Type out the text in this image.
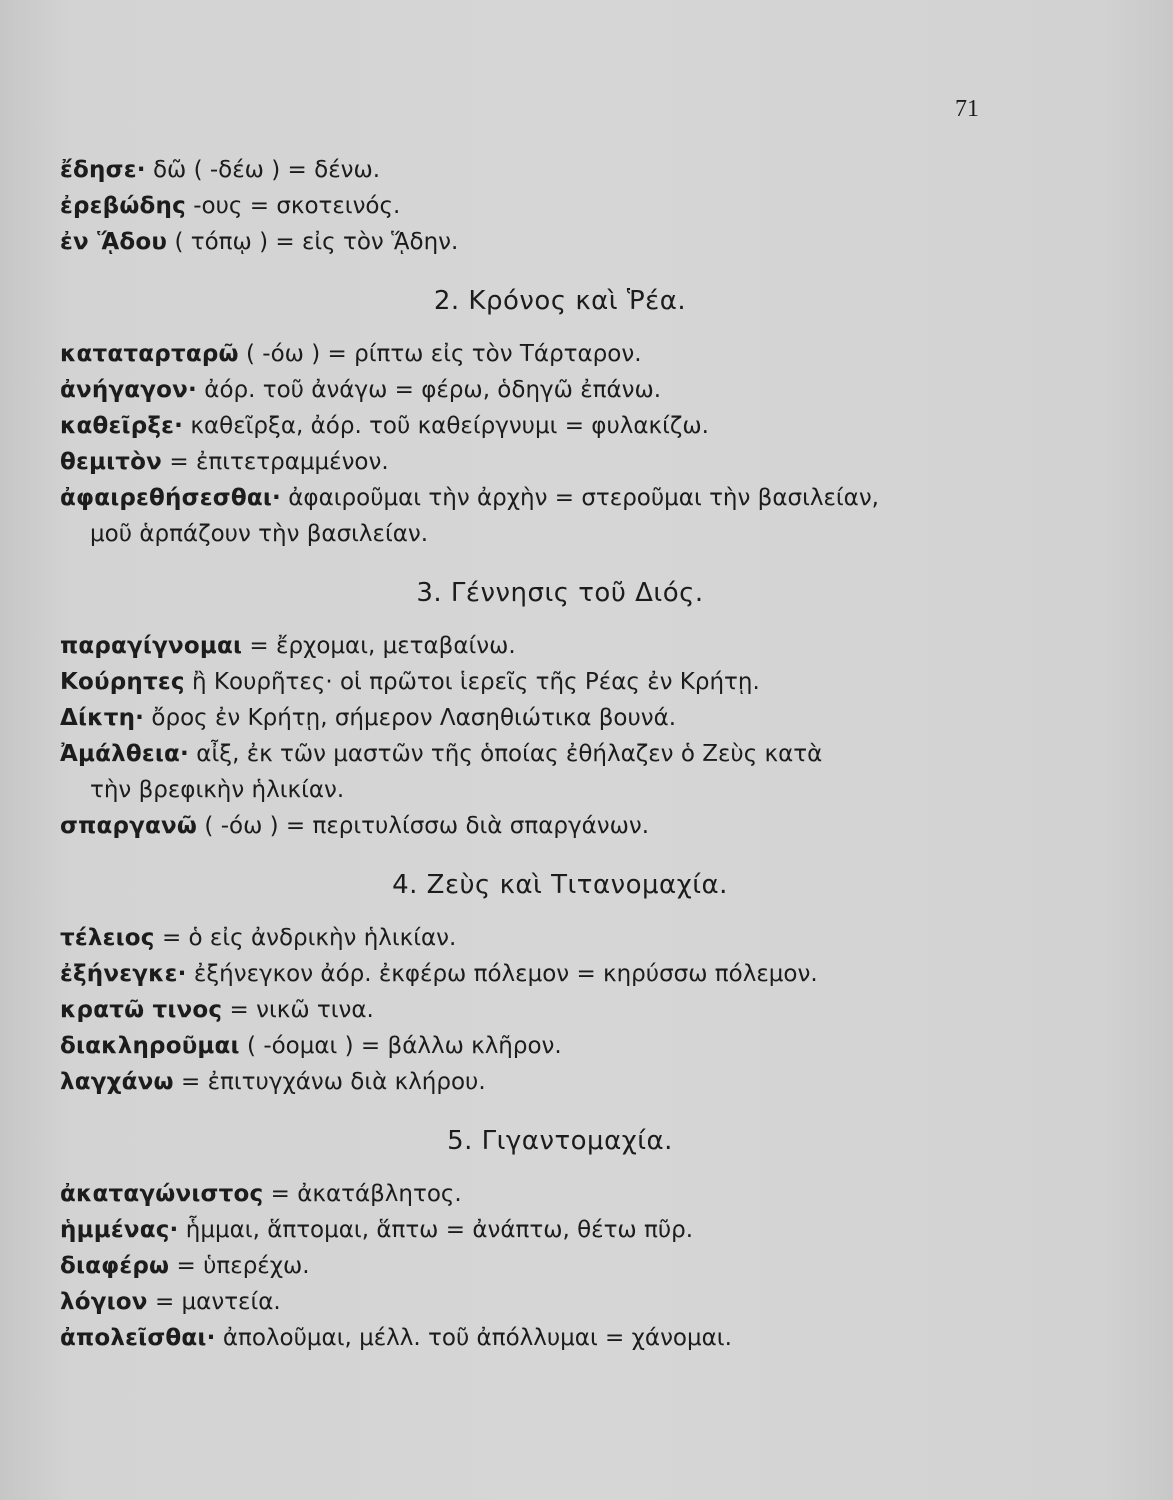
71
ἔδησε· δῶ ( -δέω ) = δένω.
ἐρεβώδης -ους = σκοτεινός.
ἐν ᾍδου ( τόπῳ ) = εἰς τὸν ᾍδην.
2. Κρόνος καὶ Ῥέα.
καταταρταρῶ ( -όω ) = ρίπτω εἰς τὸν Τάρταρον.
ἀνήγαγον· ἀόρ. τοῦ ἀνάγω = φέρω, ὁδηγῶ ἐπάνω.
καθεῖρξε· καθεῖρξα, ἀόρ. τοῦ καθείργνυμι = φυλακίζω.
θεμιτὸν = ἐπιτετραμμένον.
ἀφαιρεθήσεσθαι· ἀφαιροῦμαι τὴν ἀρχὴν = στεροῦμαι τὴν βασιλείαν,
μοῦ ἁρπάζουν τὴν βασιλείαν.
3. Γέννησις τοῦ Διός.
παραγίγνομαι = ἔρχομαι, μεταβαίνω.
Κούρητες ἢ Κουρῆτες· οἱ πρῶτοι ἱερεῖς τῆς Ρέας ἐν Κρήτῃ.
Δίκτη· ὄρος ἐν Κρήτῃ, σήμερον Λασηθιώτικα βουνά.
Ἀμάλθεια· αἶξ, ἐκ τῶν μαστῶν τῆς ὁποίας ἐθήλαζεν ὁ Ζεὺς κατὰ
τὴν βρεφικὴν ἡλικίαν.
σπαργανῶ ( -όω ) = περιτυλίσσω διὰ σπαργάνων.
4. Ζεὺς καὶ Τιτανομαχία.
τέλειος = ὁ εἰς ἀνδρικὴν ἡλικίαν.
ἐξήνεγκε· ἐξήνεγκον ἀόρ. ἐκφέρω πόλεμον = κηρύσσω πόλεμον.
κρατῶ τινος = νικῶ τινα.
διακληροῦμαι ( -όομαι ) = βάλλω κλῆρον.
λαγχάνω = ἐπιτυγχάνω διὰ κλήρου.
5. Γιγαντομαχία.
ἀκαταγώνιστος = ἀκατάβλητος.
ἡμμένας· ἧμμαι, ἅπτομαι, ἅπτω = ἀνάπτω, θέτω πῦρ.
διαφέρω = ὑπερέχω.
λόγιον = μαντεία.
ἀπολεῖσθαι· ἀπολοῦμαι, μέλλ. τοῦ ἀπόλλυμαι = χάνομαι.
